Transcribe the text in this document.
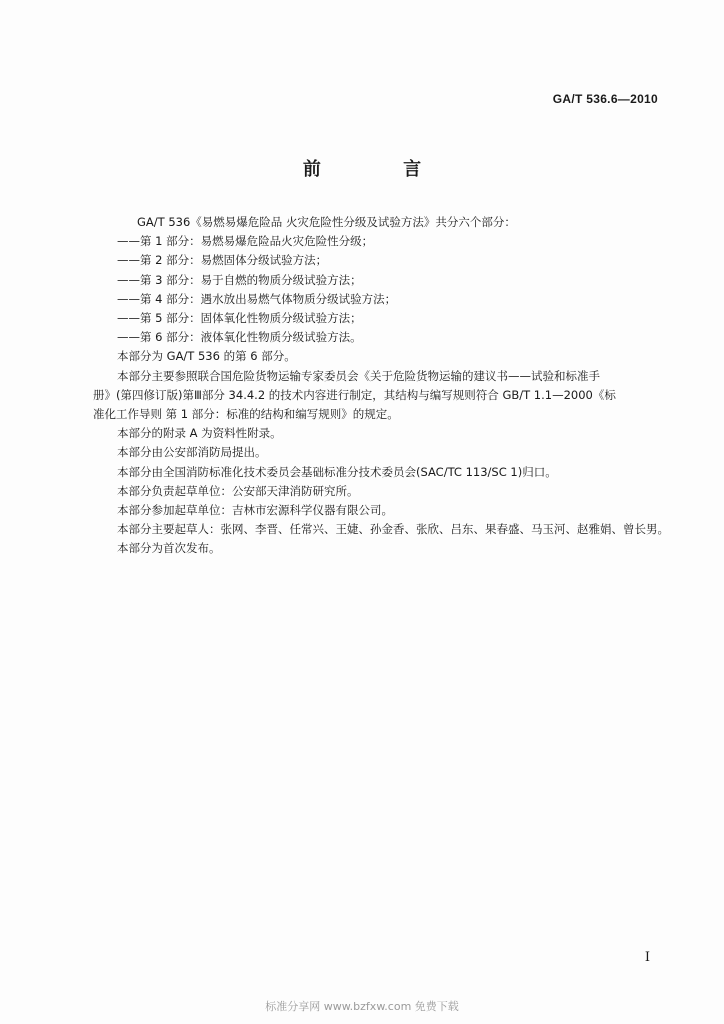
GA/T 536.6—2010
前 言

GA/T 536《易燃易爆危险品 火灾危险性分级及试验方法》共分六个部分：

——第 1 部分：易燃易爆危险品火灾危险性分级；

——第 2 部分：易燃固体分级试验方法；

——第 3 部分：易于自燃的物质分级试验方法；

——第 4 部分：遇水放出易燃气体物质分级试验方法；

——第 5 部分：固体氧化性物质分级试验方法；

——第 6 部分：液体氧化性物质分级试验方法。

本部分为 GA/T 536 的第 6 部分。

本部分主要参照联合国危险货物运输专家委员会《关于危险货物运输的建议书——试验和标准手

册》(第四修订版)第Ⅲ部分 34.4.2 的技术内容进行制定，其结构与编写规则符合 GB/T 1.1—2000《标

准化工作导则 第 1 部分：标准的结构和编写规则》的规定。

本部分的附录 A 为资料性附录。

本部分由公安部消防局提出。

本部分由全国消防标准化技术委员会基础标准分技术委员会(SAC/TC 113/SC 1)归口。

本部分负责起草单位：公安部天津消防研究所。

本部分参加起草单位：吉林市宏源科学仪器有限公司。

本部分主要起草人：张网、李晋、任常兴、王婕、孙金香、张欣、吕东、果春盛、马玉河、赵雅娟、曾长男。

本部分为首次发布。

I
标准分享网 www.bzfxw.com 免费下载
